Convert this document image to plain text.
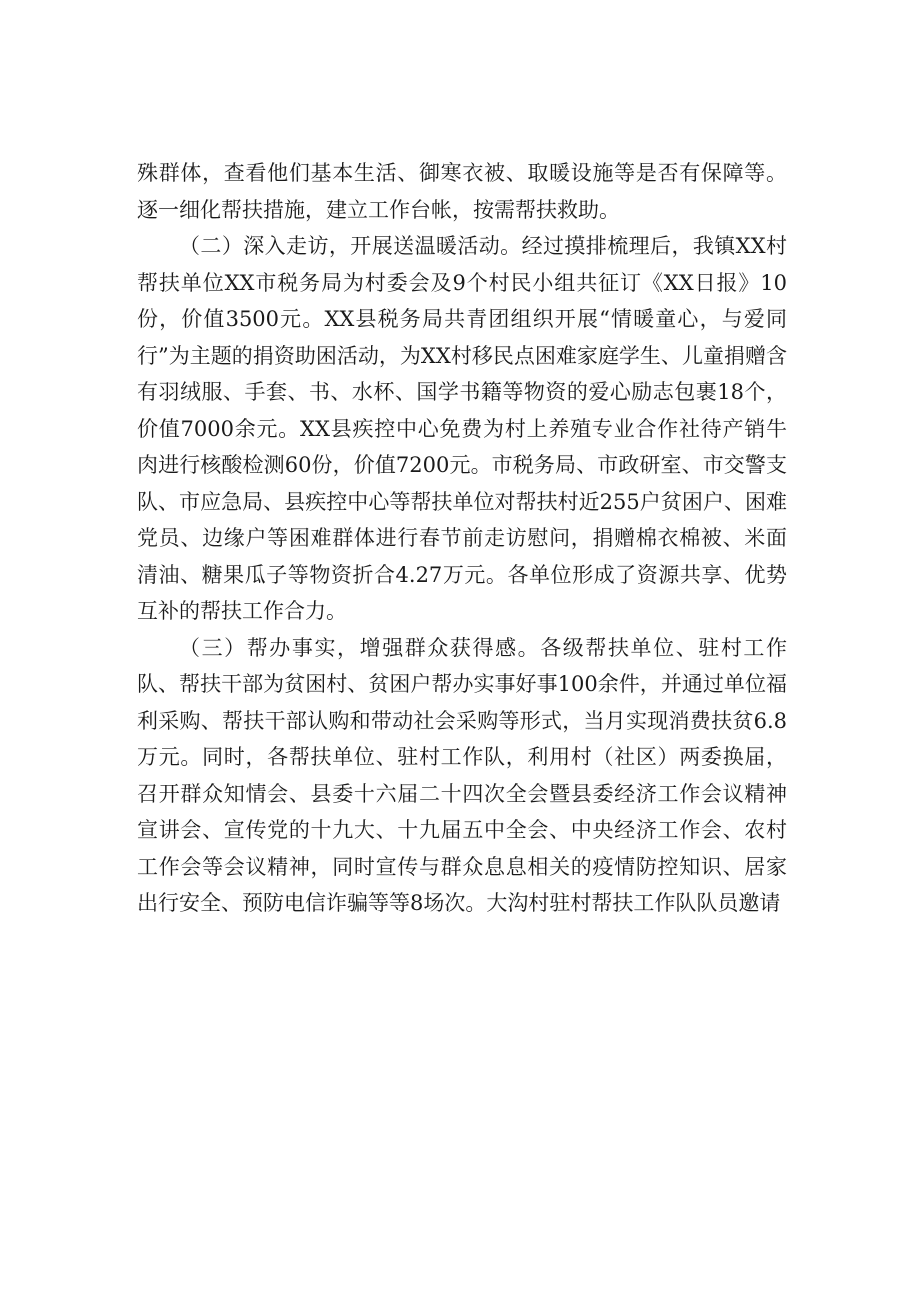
殊群体，查看他们基本生活、御寒衣被、取暖设施等是否有保障等。逐一细化帮扶措施，建立工作台帐，按需帮扶救助。

（二）深入走访，开展送温暖活动。经过摸排梳理后，我镇XX村帮扶单位XX市税务局为村委会及9个村民小组共征订《XX日报》10份，价值3500元。XX县税务局共青团组织开展“情暖童心，与爱同行”为主题的捐资助困活动，为XX村移民点困难家庭学生、儿童捐赠含有羽绒服、手套、书、水杯、国学书籍等物资的爱心励志包裹18个，价值7000余元。XX县疾控中心免费为村上养殖专业合作社待产销牛肉进行核酸检测60份，价值7200元。市税务局、市政研室、市交警支队、市应急局、县疾控中心等帮扶单位对帮扶村近255户贫困户、困难党员、边缘户等困难群体进行春节前走访慰问，捐赠棉衣棉被、米面清油、糖果瓜子等物资折合4.27万元。各单位形成了资源共享、优势互补的帮扶工作合力。

（三）帮办事实，增强群众获得感。各级帮扶单位、驻村工作队、帮扶干部为贫困村、贫困户帮办实事好事100余件，并通过单位福利采购、帮扶干部认购和带动社会采购等形式，当月实现消费扶贫6.8万元。同时，各帮扶单位、驻村工作队，利用村（社区）两委换届，召开群众知情会、县委十六届二十四次全会暨县委经济工作会议精神宣讲会、宣传党的十九大、十九届五中全会、中央经济工作会、农村工作会等会议精神，同时宣传与群众息息相关的疫情防控知识、居家出行安全、预防电信诈骗等等8场次。大沟村驻村帮扶工作队队员邀请
